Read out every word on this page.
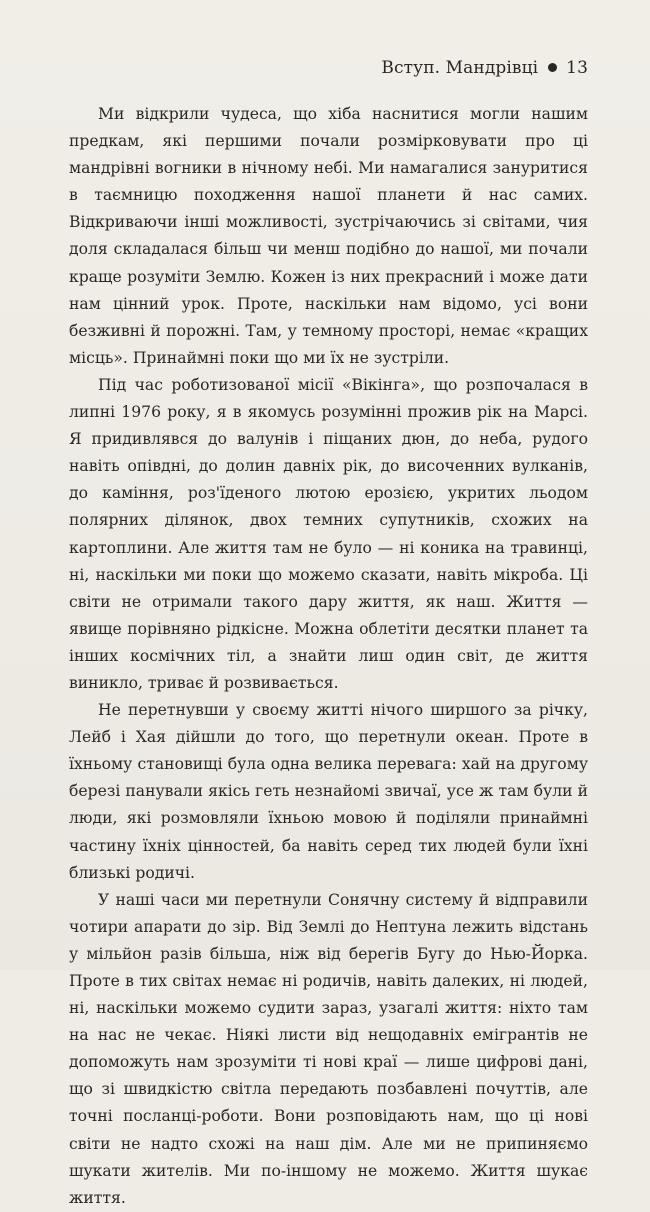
Вступ. Мандрівці 13

Ми відкрили чудеса, що хіба наснитися могли нашим предкам, які першими почали розмірковувати про ці мандрівні вогники в нічному небі. Ми намагалися зануритися в таємницю походження нашої планети й нас самих. Відкриваючи інші можливості, зустрічаючись зі світами, чия доля складалася більш чи менш подібно до нашої, ми почали краще розуміти Землю. Кожен із них прекрасний і може дати нам цінний урок. Проте, наскільки нам відомо, усі вони безживні й порожні. Там, у темному просторі, немає «кращих місць». Принаймні поки що ми їх не зустріли.

Під час роботизованої місії «Вікінга», що розпочалася в липні 1976 року, я в якомусь розумінні прожив рік на Марсі. Я придивлявся до валунів і піщаних дюн, до неба, рудого навіть опівдні, до долин давніх рік, до височенних вулканів, до каміння, роз'їденого лютою ерозією, укритих льодом полярних ділянок, двох темних супутників, схожих на картоплини. Але життя там не було — ні коника на травинці, ні, наскільки ми поки що можемо сказати, навіть мікроба. Ці світи не отримали такого дару життя, як наш. Життя — явище порівняно рідкісне. Можна облетіти десятки планет та інших космічних тіл, а знайти лиш один світ, де життя виникло, триває й розвивається.

Не перетнувши у своєму житті нічого ширшого за річку, Лейб і Хая дійшли до того, що перетнули океан. Проте в їхньому становищі була одна велика перевага: хай на другому березі панували якісь геть незнайомі звичаї, усе ж там були й люди, які розмовляли їхньою мовою й поділяли принаймні частину їхніх цінностей, ба навіть серед тих людей були їхні близькі родичі.

У наші часи ми перетнули Сонячну систему й відправили чотири апарати до зір. Від Землі до Нептуна лежить відстань у мільйон разів більша, ніж від берегів Бугу до Нью-Йорка. Проте в тих світах немає ні родичів, навіть далеких, ні людей, ні, наскільки можемо судити зараз, узагалі життя: ніхто там на нас не чекає. Ніякі листи від нещодавніх емігрантів не допоможуть нам зрозуміти ті нові краї — лише цифрові дані, що зі швидкістю світла передають позбавлені почуттів, але точні посланці-роботи. Вони розповідають нам, що ці нові світи не надто схожі на наш дім. Але ми не припиняємо шукати жителів. Ми по-іншому не можемо. Життя шукає життя.
